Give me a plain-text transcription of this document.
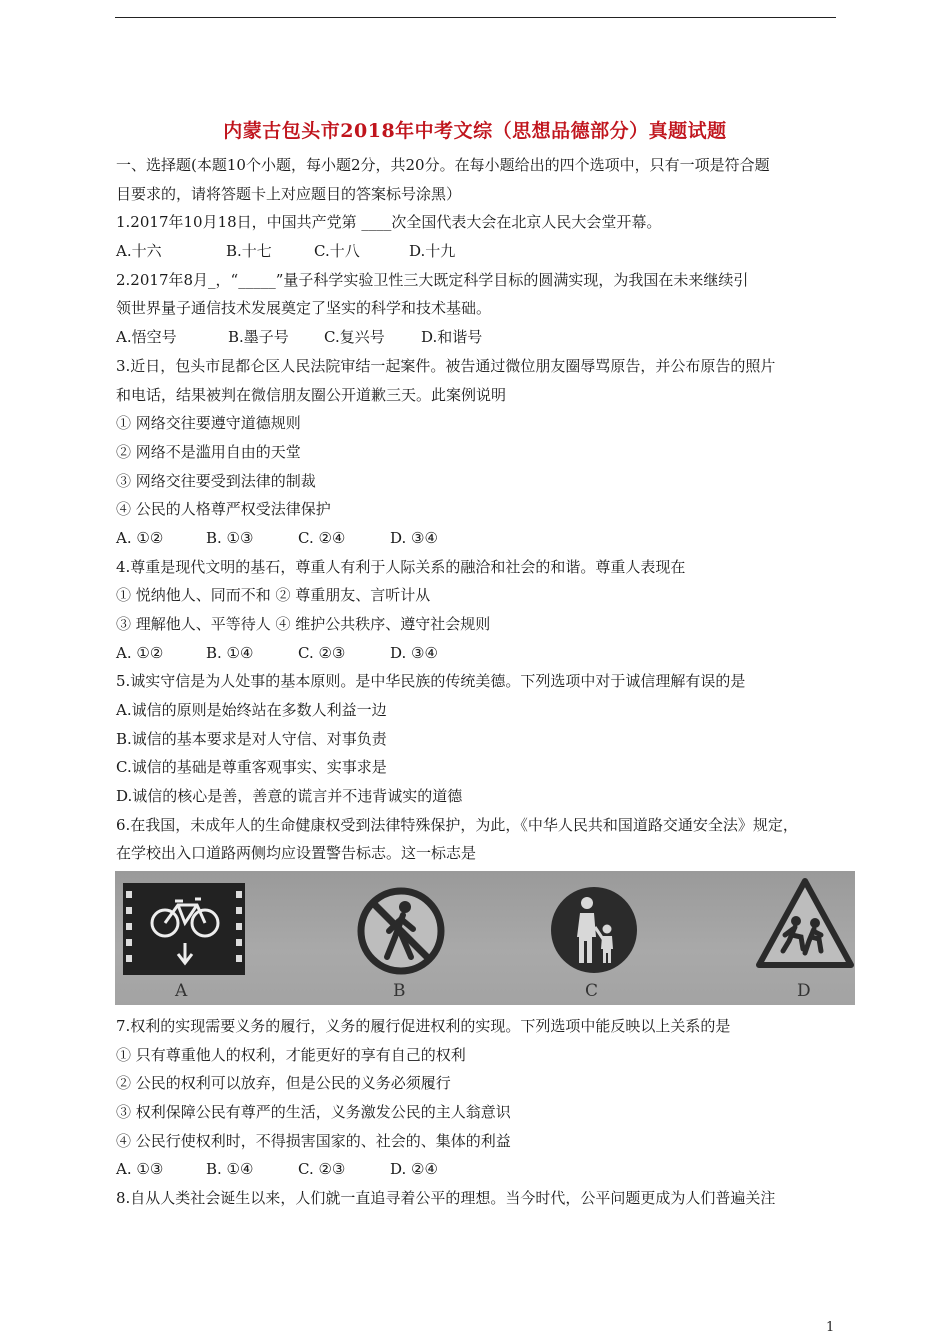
内蒙古包头市2018年中考文综（思想品德部分）真题试题
一、选择题(本题10个小题，每小题2分，共20分。在每小题给出的四个选项中，只有一项是符合题
目要求的，请将答题卡上对应题目的答案标号涂黑）
1.2017年10月18日，中国共产党第 ____次全国代表大会在北京人民大会堂开幕。
A.十六	B.十七	C.十八	D.十九
2.2017年8月_，“_____”量子科学实验卫性三大既定科学目标的圆满实现，为我国在未来继续引
领世界量子通信技术发展奠定了坚实的科学和技术基础。
A.悟空号	B.墨子号 C.复兴号 D.和谐号
3.近日，包头市昆都仑区人民法院审结一起案件。被告通过微位朋友圈辱骂原告，并公布原告的照片
和电话，结果被判在微信朋友圈公开道歉三天。此案例说明
① 网络交往要遵守道德规则
② 网络不是滥用自由的天堂
③ 网络交往要受到法律的制裁
④ 公民的人格尊严权受法律保护
A. ①②	B. ①③	C. ②④	D. ③④
4.尊重是现代文明的基石，尊重人有利于人际关系的融洽和社会的和谐。尊重人表现在
① 悦纳他人、同而不和 ② 尊重朋友、言听计从
③ 理解他人、平等待人 ④ 维护公共秩序、遵守社会规则
A. ①②	B. ①④	C. ②③	D. ③④
5.诚实守信是为人处事的基本原则。是中华民族的传统美德。下列选项中对于诚信理解有误的是
A.诚信的原则是始终站在多数人利益一边
B.诚信的基本要求是对人守信、对事负责
C.诚信的基础是尊重客观事实、实事求是
D.诚信的核心是善，善意的谎言并不违背诚实的道德
6.在我国，未成年人的生命健康权受到法律特殊保护，为此，《中华人民共和国道路交通安全法》规定，
在学校出入口道路两侧均应设置警告标志。这一标志是
A	B	C	D
7.权利的实现需要义务的履行，义务的履行促进权利的实现。下列选项中能反映以上关系的是
① 只有尊重他人的权利，才能更好的享有自己的权利
② 公民的权利可以放弃，但是公民的义务必须履行
③ 权利保障公民有尊严的生活，义务激发公民的主人翁意识
④ 公民行使权利时，不得损害国家的、社会的、集体的利益
A. ①③	B. ①④	C. ②③	D. ②④
8.自从人类社会诞生以来，人们就一直追寻着公平的理想。当今时代，公平问题更成为人们普遍关注
1
